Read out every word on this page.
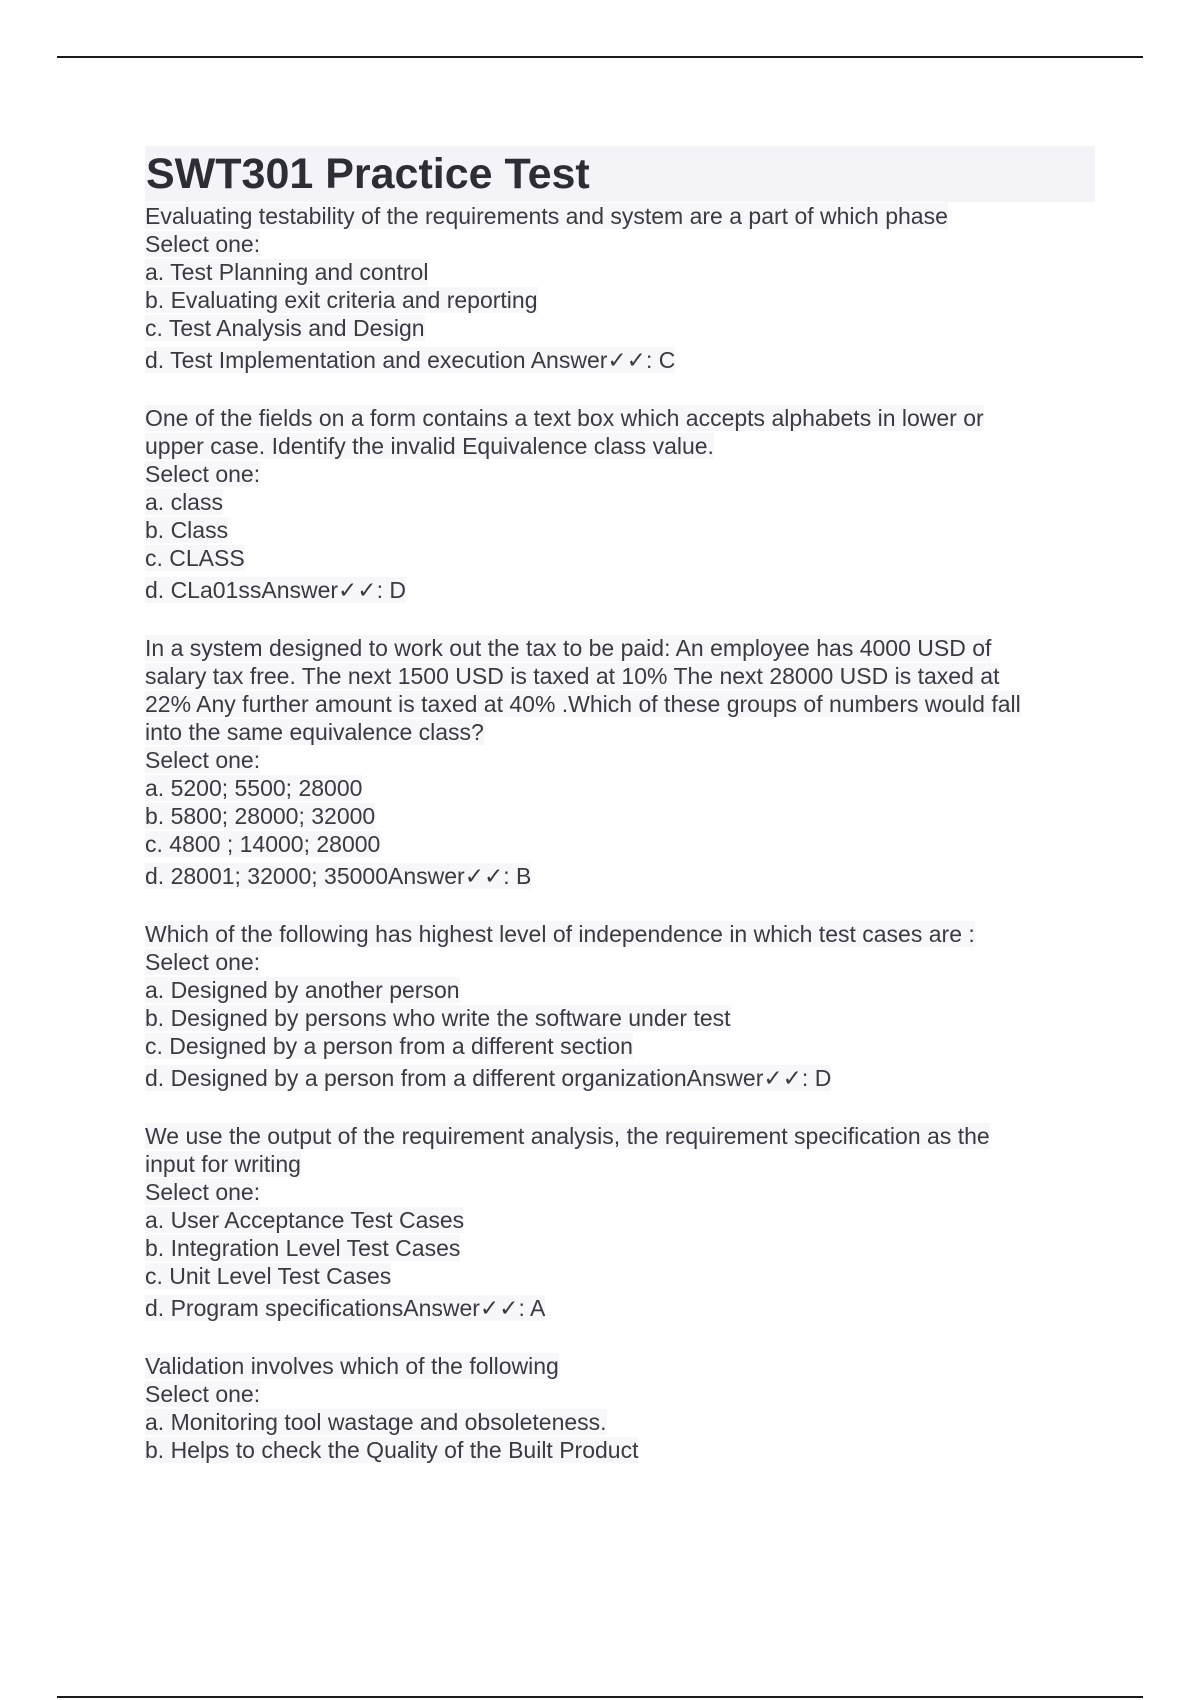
SWT301 Practice Test
Evaluating testability of the requirements and system are a part of which phase
Select one:
a. Test Planning and control
b. Evaluating exit criteria and reporting
c. Test Analysis and Design
d. Test Implementation and execution Answer✓✓: C
One of the fields on a form contains a text box which accepts alphabets in lower or
upper case. Identify the invalid Equivalence class value.
Select one:
a. class
b. Class
c. CLASS
d. CLa01ssAnswer✓✓: D
In a system designed to work out the tax to be paid: An employee has 4000 USD of
salary tax free. The next 1500 USD is taxed at 10% The next 28000 USD is taxed at
22% Any further amount is taxed at 40% .Which of these groups of numbers would fall
into the same equivalence class?
Select one:
a. 5200; 5500; 28000
b. 5800; 28000; 32000
c. 4800 ; 14000; 28000
d. 28001; 32000; 35000Answer✓✓: B
Which of the following has highest level of independence in which test cases are :
Select one:
a. Designed by another person
b. Designed by persons who write the software under test
c. Designed by a person from a different section
d. Designed by a person from a different organizationAnswer✓✓: D
We use the output of the requirement analysis, the requirement specification as the
input for writing
Select one:
a. User Acceptance Test Cases
b. Integration Level Test Cases
c. Unit Level Test Cases
d. Program specificationsAnswer✓✓: A
Validation involves which of the following
Select one:
a. Monitoring tool wastage and obsoleteness.
b. Helps to check the Quality of the Built Product
